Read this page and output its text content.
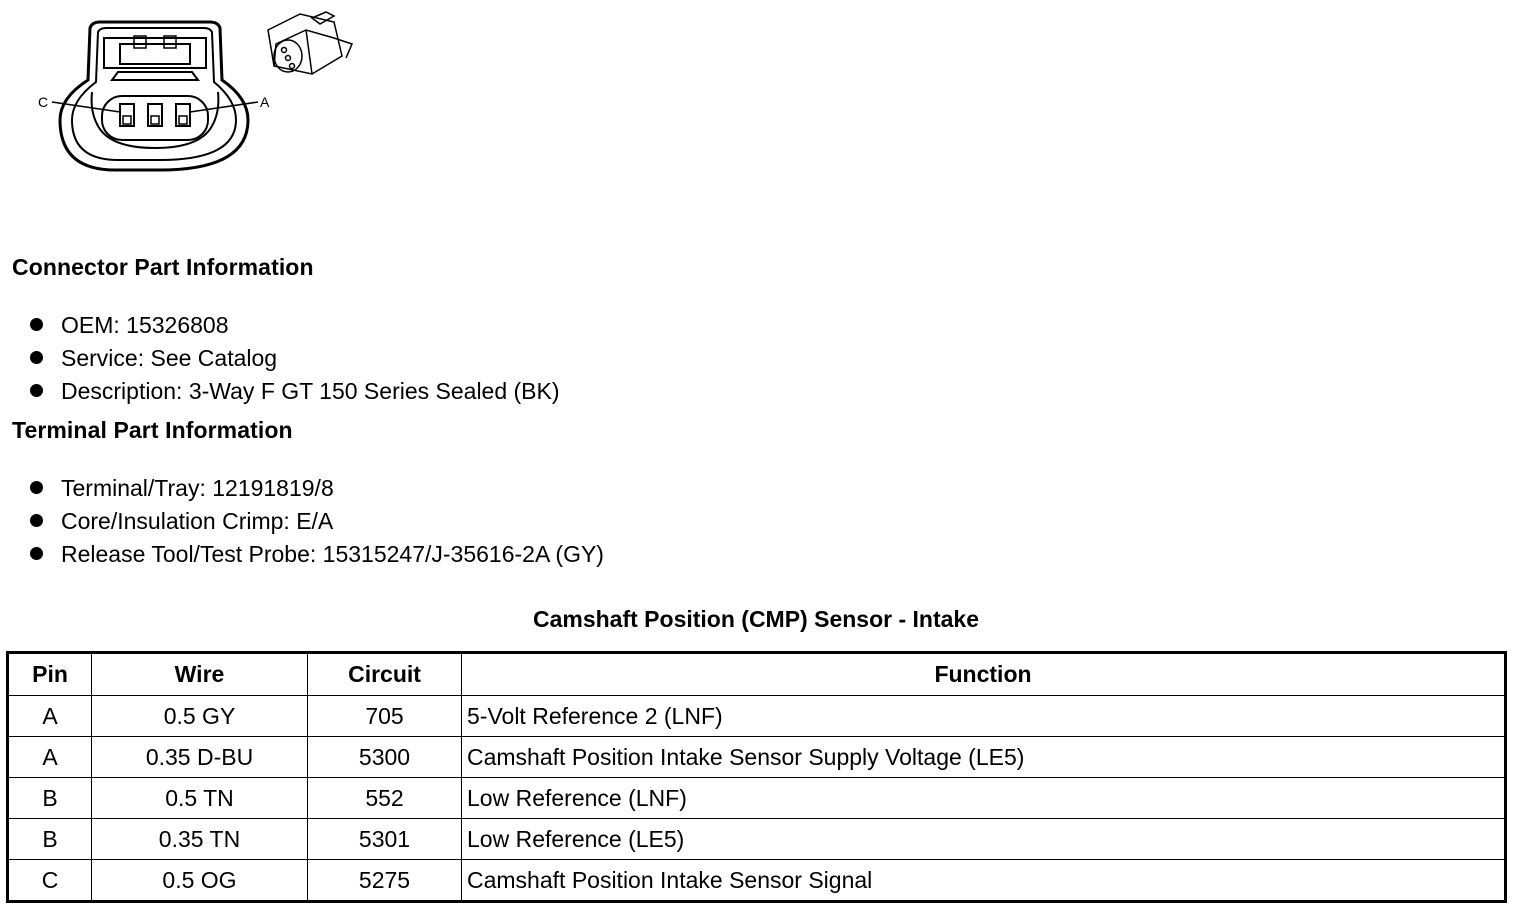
C	A
Connector Part Information
OEM: 15326808
Service: See Catalog
Description: 3-Way F GT 150 Series Sealed (BK)
Terminal Part Information
Terminal/Tray: 12191819/8
Core/Insulation Crimp: E/A
Release Tool/Test Probe: 15315247/J-35616-2A (GY)
Camshaft Position (CMP) Sensor - Intake
Pin	Wire	Circuit	Function
A	0.5 GY	705	5-Volt Reference 2 (LNF)
A	0.35 D-BU	5300	Camshaft Position Intake Sensor Supply Voltage (LE5)
B	0.5 TN	552	Low Reference (LNF)
B	0.35 TN	5301	Low Reference (LE5)
C	0.5 OG	5275	Camshaft Position Intake Sensor Signal
